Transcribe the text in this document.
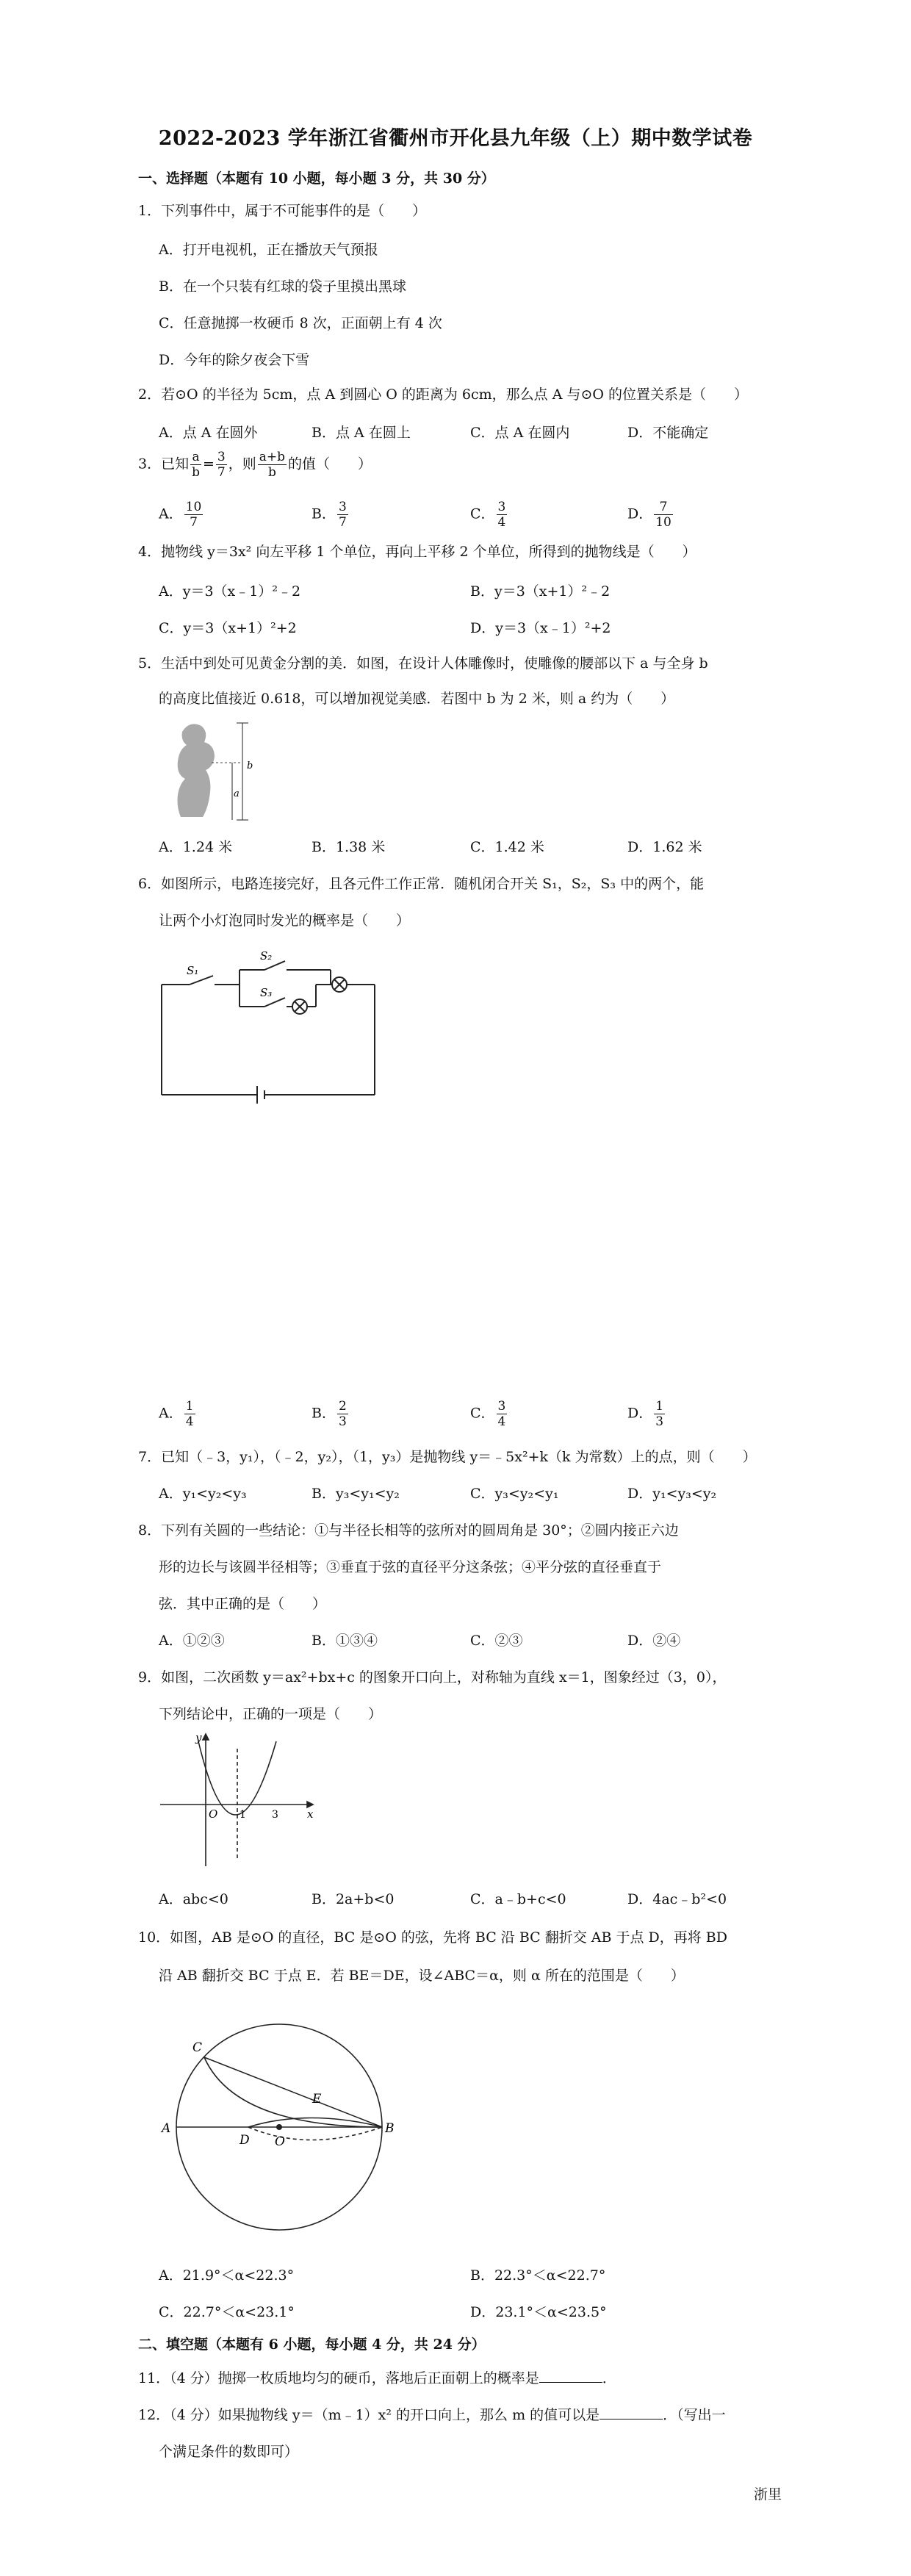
2022-2023 学年浙江省衢州市开化县九年级（上）期中数学试卷
一、选择题（本题有 10 小题，每小题 3 分，共 30 分）
1．下列事件中，属于不可能事件的是（　　）
A．打开电视机，正在播放天气预报
B．在一个只装有红球的袋子里摸出黑球
C．任意抛掷一枚硬币 8 次，正面朝上有 4 次
D．今年的除夕夜会下雪
2．若⊙O 的半径为 5cm，点 A 到圆心 O 的距离为 6cm，那么点 A 与⊙O 的位置关系是（　　）
A．点 A 在圆外	B．点 A 在圆上	C．点 A 在圆内	D．不能确定
3．已知 $\frac{a}{b} = \frac{3}{7}$ ，则 $\frac{a+b}{b}$ 的值（　　）
A． $\frac{10}{7}$	B． $\frac{3}{7}$	C． $\frac{3}{4}$	D． $\frac{7}{10}$
4．抛物线 y＝3x² 向左平移 1 个单位，再向上平移 2 个单位，所得到的抛物线是（　　）
A．y＝3（x﹣1）²﹣2	B．y＝3（x+1）²﹣2
C．y＝3（x+1）²+2	D．y＝3（x﹣1）²+2
5．生活中到处可见黄金分割的美．如图，在设计人体雕像时，使雕像的腰部以下 a 与全身 b
的高度比值接近 0.618，可以增加视觉美感．若图中 b 为 2 米，则 a 约为（　　）
b
a
A．1.24 米	B．1.38 米	C．1.42 米	D．1.62 米
6．如图所示，电路连接完好，且各元件工作正常．随机闭合开关 S₁，S₂，S₃ 中的两个，能
让两个小灯泡同时发光的概率是（　　）
S₁
S₂
S₃
A． $\frac{1}{4}$	B． $\frac{2}{3}$	C． $\frac{3}{4}$	D． $\frac{1}{3}$
7．已知（﹣3，y₁），（﹣2，y₂），（1，y₃）是抛物线 y＝﹣5x²+k（k 为常数）上的点，则（　　）
A．y₁<y₂<y₃	B．y₃<y₁<y₂	C．y₃<y₂<y₁	D．y₁<y₃<y₂
8．下列有关圆的一些结论：①与半径长相等的弦所对的圆周角是 30°；②圆内接正六边
形的边长与该圆半径相等；③垂直于弦的直径平分这条弦；④平分弦的直径垂直于
弦．其中正确的是（　　）
A．①②③	B．①③④	C．②③	D．②④
9．如图，二次函数 y＝ax²+bx+c 的图象开口向上，对称轴为直线 x＝1，图象经过（3，0），
下列结论中，正确的一项是（　　）
y
x
O 1	3
A．abc<0	B．2a+b<0	C．a﹣b+c<0	D．4ac﹣b²<0
10．如图，AB 是⊙O 的直径，BC 是⊙O 的弦，先将 BC 沿 BC 翻折交 AB 于点 D，再将 BD
沿 AB 翻折交 BC 于点 E．若 BE＝DE，设∠ABC＝α，则 α 所在的范围是（　　）
C
E
A
D O
B
A．21.9°＜α<22.3°	B．22.3°＜α<22.7°
C．22.7°＜α<23.1°	D．23.1°＜α<23.5°
二、填空题（本题有 6 小题，每小题 4 分，共 24 分）
11．（4 分）抛掷一枚质地均匀的硬币，落地后正面朝上的概率是	．
12．（4 分）如果抛物线 y＝（m﹣1）x² 的开口向上，那么 m 的值可以是	．（写出一
个满足条件的数即可）
浙里
